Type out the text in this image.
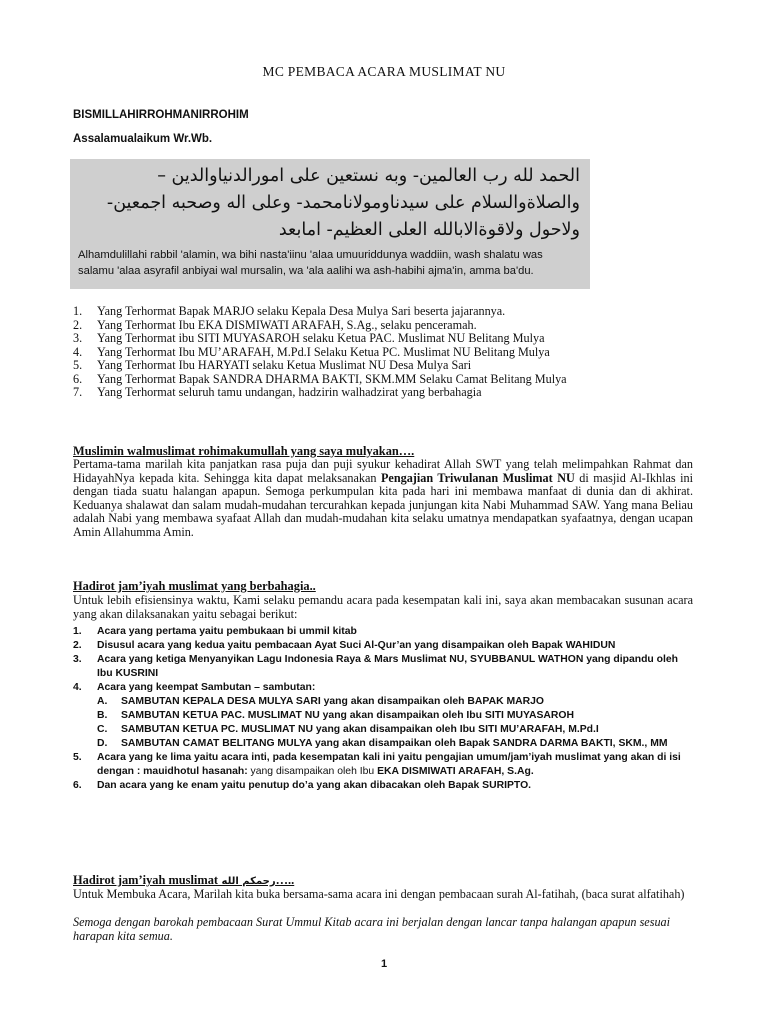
MC PEMBACA ACARA MUSLIMAT NU
BISMILLAHIRROHMANIRROHIM
Assalamualaikum Wr.Wb.
الحمد لله رب العالمين- وبه نستعين على امورالدنياوالدين –
والصلاةوالسلام على سيدناومولانامحمد- وعلى اله وصحبه اجمعين-
ولاحول ولاقوةالابالله العلى العظيم- امابعد
Alhamdulillahi rabbil 'alamin, wa bihi nasta'iinu 'alaa umuuriddunya waddiin, wash shalatu was salamu 'alaa asyrafil anbiyai wal mursalin, wa 'ala aalihi wa ash-habihi ajma'in, amma ba'du.
1. Yang Terhormat Bapak MARJO selaku Kepala Desa Mulya Sari beserta jajarannya.
2. Yang Terhormat Ibu EKA DISMIWATI ARAFAH, S.Ag., selaku penceramah.
3. Yang Terhormat ibu SITI MUYASAROH selaku Ketua PAC. Muslimat NU Belitang Mulya
4. Yang Terhormat Ibu MU’ARAFAH, M.Pd.I Selaku Ketua PC. Muslimat NU Belitang Mulya
5. Yang Terhormat Ibu HARYATI selaku Ketua Muslimat NU Desa Mulya Sari
6. Yang Terhormat Bapak SANDRA DHARMA BAKTI, SKM.MM Selaku Camat Belitang Mulya
7. Yang Terhormat seluruh tamu undangan, hadzirin walhadzirat yang berbahagia
Muslimin walmuslimat rohimakumullah yang saya mulyakan….
Pertama-tama marilah kita panjatkan rasa puja dan puji syukur kehadirat Allah SWT yang telah melimpahkan Rahmat dan HidayahNya kepada kita. Sehingga kita dapat melaksanakan Pengajian Triwulanan Muslimat NU di masjid Al-Ikhlas ini dengan tiada suatu halangan apapun. Semoga perkumpulan kita pada hari ini membawa manfaat di dunia dan di akhirat. Keduanya shalawat dan salam mudah-mudahan tercurahkan kepada junjungan kita Nabi Muhammad SAW. Yang mana Beliau adalah Nabi yang membawa syafaat Allah dan mudah-mudahan kita selaku umatnya mendapatkan syafaatnya, dengan ucapan Amin Allahumma Amin.
Hadirot jam’iyah muslimat yang berbahagia..
Untuk lebih efisiensinya waktu, Kami selaku pemandu acara pada kesempatan kali ini, saya akan membacakan susunan acara yang akan dilaksanakan yaitu sebagai berikut:
1. Acara yang pertama yaitu pembukaan bi ummil kitab
2. Disusul acara yang kedua yaitu pembacaan Ayat Suci Al-Qur’an yang disampaikan oleh Bapak WAHIDUN
3. Acara yang ketiga Menyanyikan Lagu Indonesia Raya & Mars Muslimat NU, SYUBBANUL WATHON yang dipandu oleh Ibu KUSRINI
4. Acara yang keempat Sambutan – sambutan:
A. SAMBUTAN KEPALA DESA MULYA SARI yang akan disampaikan oleh BAPAK MARJO
B. SAMBUTAN KETUA PAC. MUSLIMAT NU yang akan disampaikan oleh Ibu SITI MUYASAROH
C. SAMBUTAN KETUA PC. MUSLIMAT NU yang akan disampaikan oleh Ibu SITI MU’ARAFAH, M.Pd.I
D. SAMBUTAN CAMAT BELITANG MULYA yang akan disampaikan oleh Bapak SANDRA DARMA BAKTI, SKM., MM
5. Acara yang ke lima yaitu acara inti, pada kesempatan kali ini yaitu pengajian umum/jam’iyah muslimat yang akan di isi dengan : mauidhotul hasanah: yang disampaikan oleh Ibu EKA DISMIWATI ARAFAH, S.Ag.
6. Dan acara yang ke enam yaitu penutup do’a yang akan dibacakan oleh Bapak SURIPTO.
Hadirot jam’iyah muslimat رحمكم الله…..
Untuk Membuka Acara, Marilah kita buka bersama-sama acara ini dengan pembacaan surah Al-fatihah, (baca surat alfatihah)
Semoga dengan barokah pembacaan Surat Ummul Kitab acara ini berjalan dengan lancar tanpa halangan apapun sesuai harapan kita semua.
1
